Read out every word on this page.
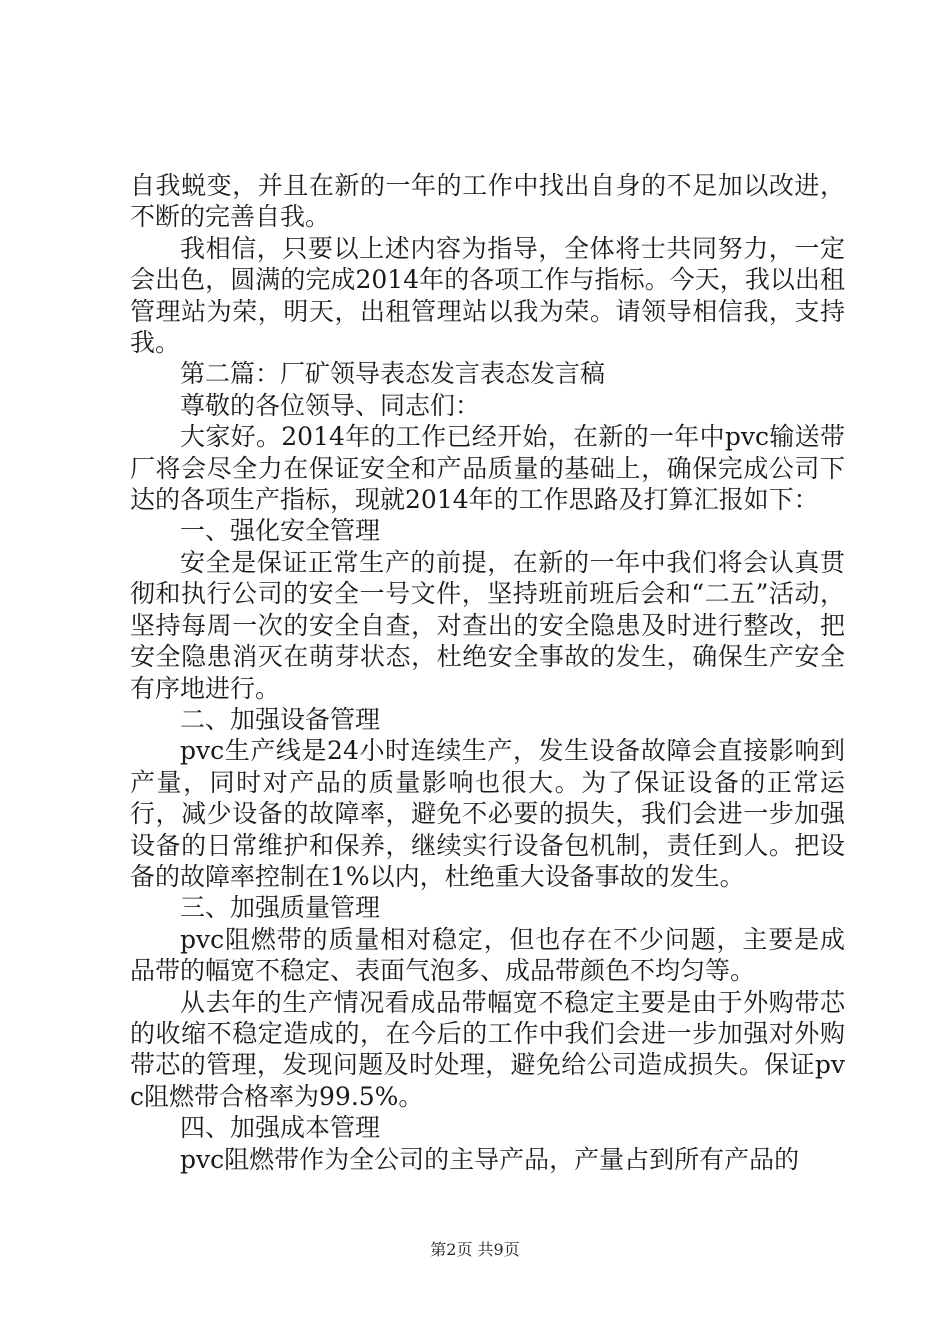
自我蜕变，并且在新的一年的工作中找出自身的不足加以改进，不断的完善自我。

我相信，只要以上述内容为指导，全体将士共同努力，一定会出色，圆满的完成2014年的各项工作与指标。今天，我以出租管理站为荣，明天，出租管理站以我为荣。请领导相信我，支持我。

第二篇：厂矿领导表态发言表态发言稿

尊敬的各位领导、同志们：

大家好。2014年的工作已经开始，在新的一年中pvc输送带厂将会尽全力在保证安全和产品质量的基础上，确保完成公司下达的各项生产指标，现就2014年的工作思路及打算汇报如下：

一、强化安全管理

安全是保证正常生产的前提，在新的一年中我们将会认真贯彻和执行公司的安全一号文件，坚持班前班后会和“二五”活动，坚持每周一次的安全自查，对查出的安全隐患及时进行整改，把安全隐患消灭在萌芽状态，杜绝安全事故的发生，确保生产安全有序地进行。

二、加强设备管理

pvc生产线是24小时连续生产，发生设备故障会直接影响到产量，同时对产品的质量影响也很大。为了保证设备的正常运行，减少设备的故障率，避免不必要的损失，我们会进一步加强设备的日常维护和保养，继续实行设备包机制，责任到人。把设备的故障率控制在1%以内，杜绝重大设备事故的发生。

三、加强质量管理

pvc阻燃带的质量相对稳定，但也存在不少问题，主要是成品带的幅宽不稳定、表面气泡多、成品带颜色不均匀等。

从去年的生产情况看成品带幅宽不稳定主要是由于外购带芯的收缩不稳定造成的，在今后的工作中我们会进一步加强对外购带芯的管理，发现问题及时处理，避免给公司造成损失。保证pvc阻燃带合格率为99.5%。

四、加强成本管理

pvc阻燃带作为全公司的主导产品，产量占到所有产品的

第2页 共9页
